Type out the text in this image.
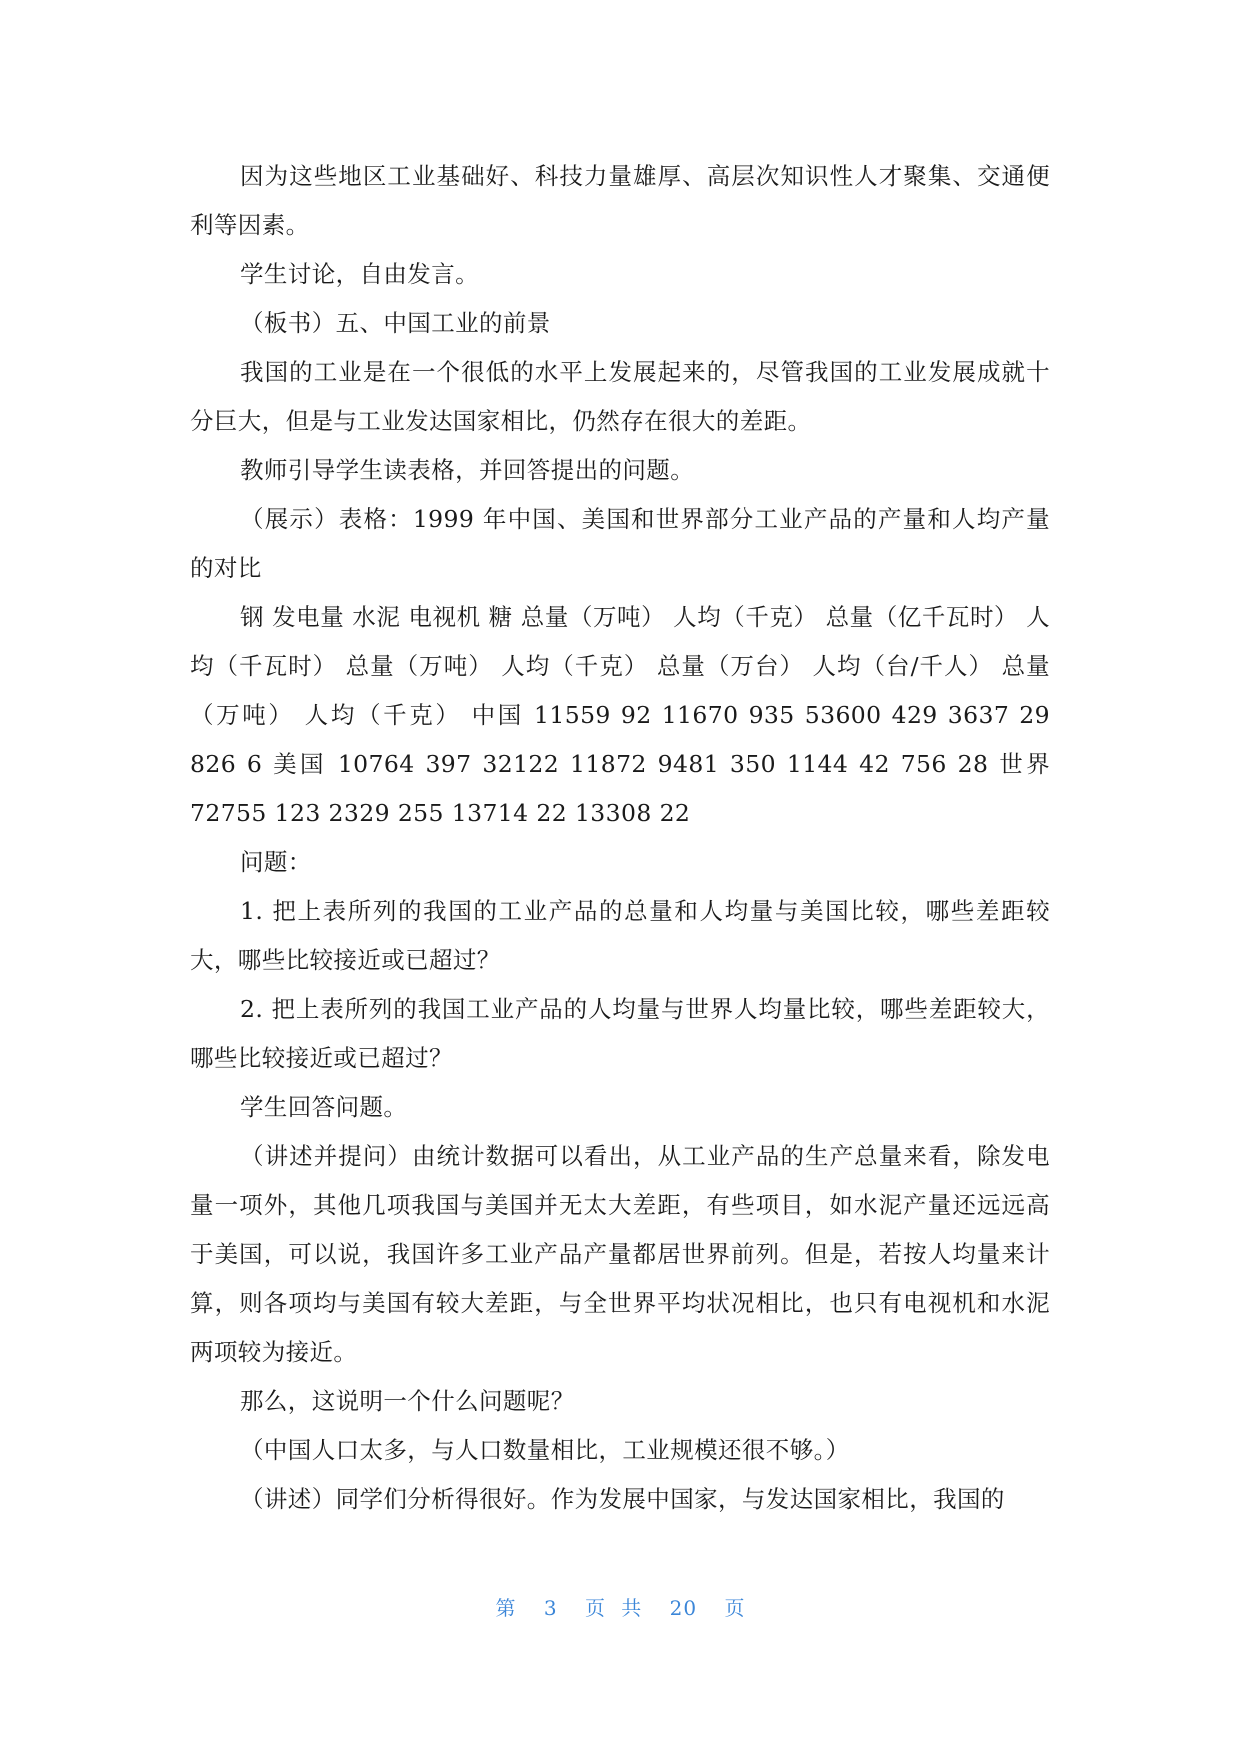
因为这些地区工业基础好、科技力量雄厚、高层次知识性人才聚集、交通便利等因素。

学生讨论，自由发言。

（板书）五、中国工业的前景

我国的工业是在一个很低的水平上发展起来的，尽管我国的工业发展成就十分巨大，但是与工业发达国家相比，仍然存在很大的差距。

教师引导学生读表格，并回答提出的问题。

（展示）表格：1999 年中国、美国和世界部分工业产品的产量和人均产量的对比

钢 发电量 水泥 电视机 糖 总量（万吨） 人均（千克） 总量（亿千瓦时） 人均（千瓦时） 总量（万吨） 人均（千克） 总量（万台） 人均（台/千人） 总量（万吨） 人均（千克） 中国 11559 92 11670 935 53600 429 3637 29 826 6 美国 10764 397 32122 11872 9481 350 1144 42 756 28 世界 72755 123 2329 255 13714 22 13308 22

问题：

1. 把上表所列的我国的工业产品的总量和人均量与美国比较，哪些差距较大，哪些比较接近或已超过？

2. 把上表所列的我国工业产品的人均量与世界人均量比较，哪些差距较大，哪些比较接近或已超过？

学生回答问题。

（讲述并提问）由统计数据可以看出，从工业产品的生产总量来看，除发电量一项外，其他几项我国与美国并无太大差距，有些项目，如水泥产量还远远高于美国，可以说，我国许多工业产品产量都居世界前列。但是，若按人均量来计算，则各项均与美国有较大差距，与全世界平均状况相比，也只有电视机和水泥两项较为接近。

那么，这说明一个什么问题呢？

（中国人口太多，与人口数量相比，工业规模还很不够。）

（讲述）同学们分析得很好。作为发展中国家，与发达国家相比，我国的

第 3 页 共 20 页
